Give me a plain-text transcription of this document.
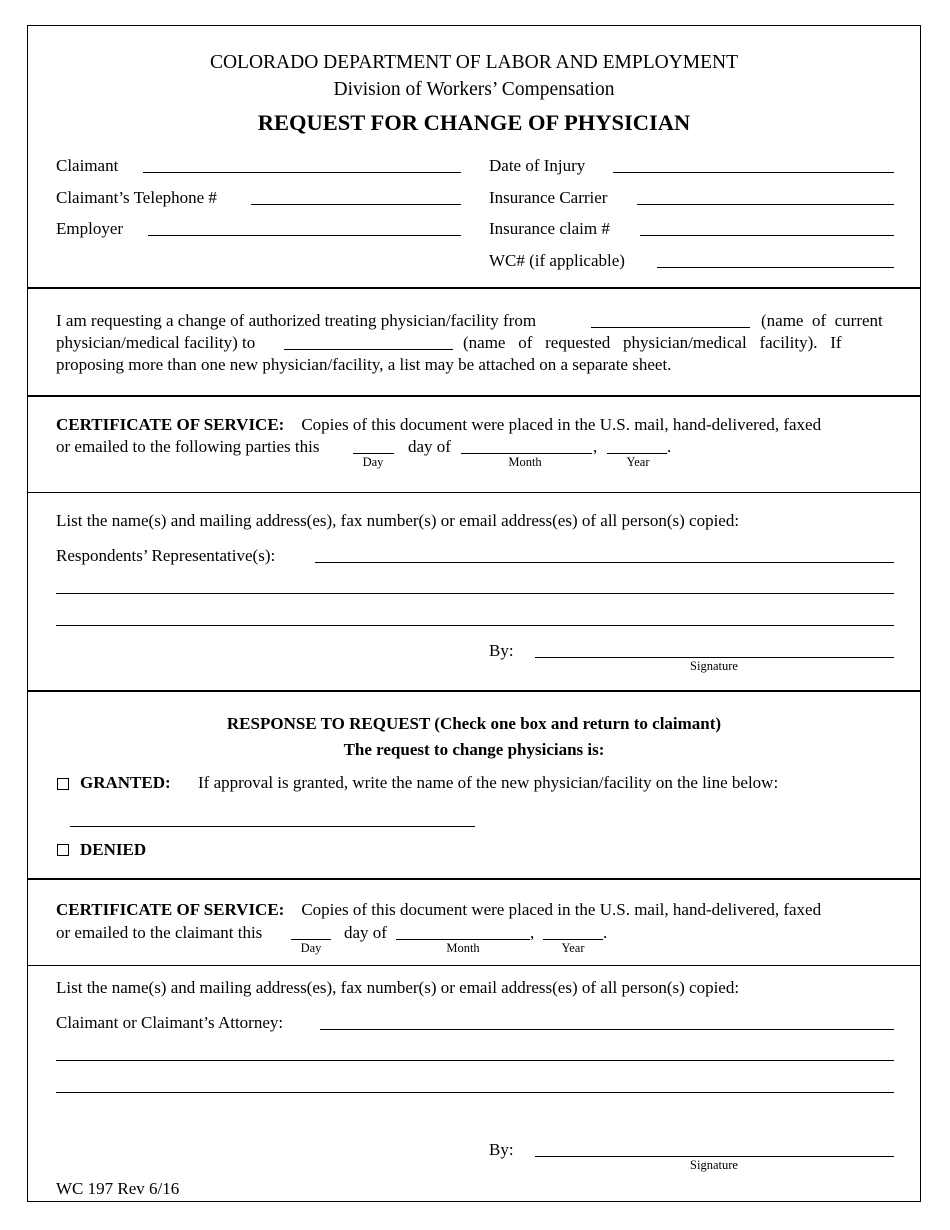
COLORADO DEPARTMENT OF LABOR AND EMPLOYMENT
Division of Workers’ Compensation
REQUEST FOR CHANGE OF PHYSICIAN
Claimant
Claimant’s Telephone #
Employer
Date of Injury
Insurance Carrier
Insurance claim #
WC# (if applicable)
I am requesting a change of authorized treating physician/facility from	(name  of  current
physician/medical facility) to	(name   of   requested   physician/medical   facility).   If
proposing more than one new physician/facility, a list may be attached on a separate sheet.
CERTIFICATE OF SERVICE: Copies of this document were placed in the U.S. mail, hand-delivered, faxed
or emailed to the following parties this	day of	,	.
Day	Month	Year
List the name(s) and mailing address(es), fax number(s) or email address(es) of all person(s) copied:
Respondents’ Representative(s):
By:
Signature
RESPONSE TO REQUEST (Check one box and return to claimant)
The request to change physicians is:
GRANTED: If approval is granted, write the name of the new physician/facility on the line below:
DENIED
CERTIFICATE OF SERVICE: Copies of this document were placed in the U.S. mail, hand-delivered, faxed
or emailed to the claimant this	day of	,	.
Day	Month	Year
List the name(s) and mailing address(es), fax number(s) or email address(es) of all person(s) copied:
Claimant or Claimant’s Attorney:
By:
Signature
WC 197 Rev 6/16
